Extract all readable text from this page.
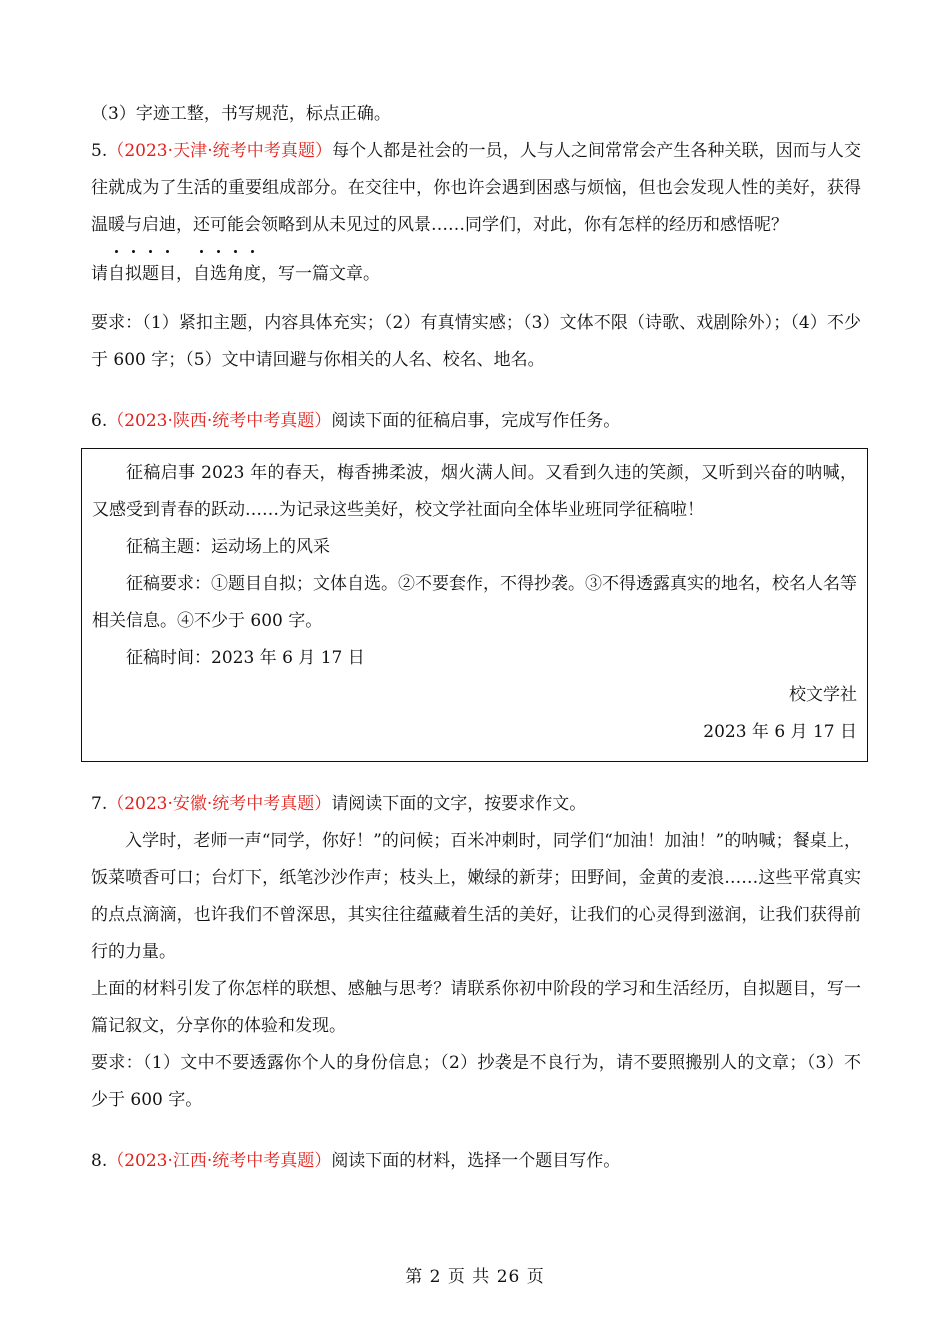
（3）字迹工整，书写规范，标点正确。

5.（2023·天津·统考中考真题）每个人都是社会的一员，人与人之间常常会产生各种关联，因而与人交往就成为了生活的重要组成部分。在交往中，你也许会遇到困惑与烦恼，但也会发现人性的美好，获得温暖与启迪，还可能会领略到从未见过的风景……同学们，对此，你有怎样的经历和感悟呢？

请自拟题目，自选角度，写一篇文章。

要求：（1）紧扣主题，内容具体充实；（2）有真情实感；（3）文体不限（诗歌、戏剧除外）；（4）不少于 600 字；（5）文中请回避与你相关的人名、校名、地名。

6.（2023·陕西·统考中考真题）阅读下面的征稿启事，完成写作任务。

征稿启事 2023 年的春天，梅香拂柔波，烟火满人间。又看到久违的笑颜，又听到兴奋的呐喊，又感受到青春的跃动……为记录这些美好，校文学社面向全体毕业班同学征稿啦！

征稿主题：运动场上的风采

征稿要求：①题目自拟；文体自选。②不要套作，不得抄袭。③不得透露真实的地名，校名人名等相关信息。④不少于 600 字。

征稿时间：2023 年 6 月 17 日

校文学社

2023 年 6 月 17 日

7.（2023·安徽·统考中考真题）请阅读下面的文字，按要求作文。

入学时，老师一声“同学，你好！”的问候；百米冲刺时，同学们“加油！加油！”的呐喊；餐桌上，饭菜喷香可口；台灯下，纸笔沙沙作声；枝头上，嫩绿的新芽；田野间，金黄的麦浪……这些平常真实的点点滴滴，也许我们不曾深思，其实往往蕴藏着生活的美好，让我们的心灵得到滋润，让我们获得前行的力量。

上面的材料引发了你怎样的联想、感触与思考？请联系你初中阶段的学习和生活经历，自拟题目，写一篇记叙文，分享你的体验和发现。

要求：（1）文中不要透露你个人的身份信息；（2）抄袭是不良行为，请不要照搬别人的文章；（3）不少于 600 字。

8.（2023·江西·统考中考真题）阅读下面的材料，选择一个题目写作。

第 2 页 共 26 页
